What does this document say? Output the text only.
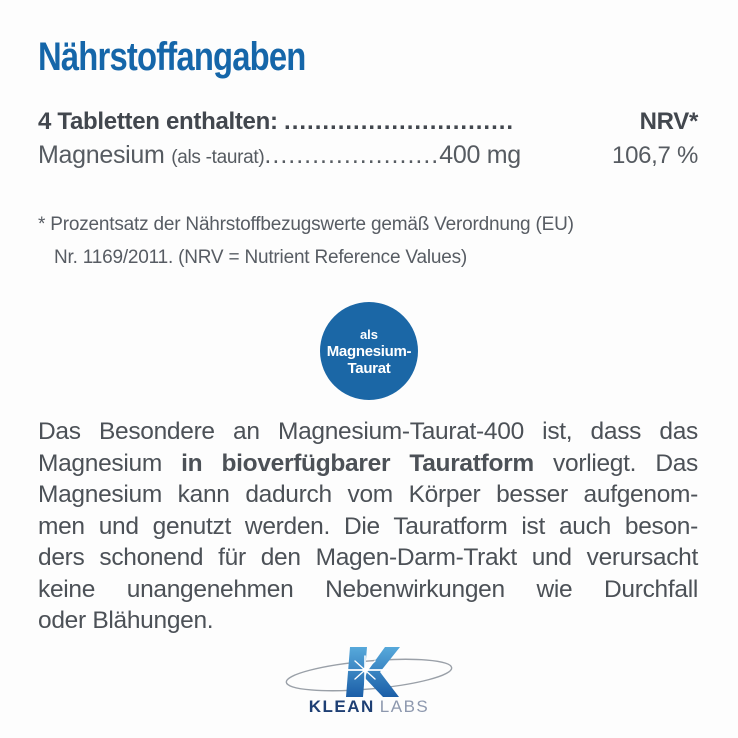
Nährstoffangaben
4 Tabletten enthalten: ..............................	NRV*
Magnesium (als -taurat)......................400 mg	106,7 %
* Prozentsatz der Nährstoffbezugswerte gemäß Verordnung (EU)
Nr. 1169/2011. (NRV = Nutrient Reference Values)
als
Magnesium-
Taurat
Das Besondere an Magnesium-Taurat-400 ist, dass das
Magnesium in bioverfügbarer Tauratform vorliegt. Das
Magnesium kann dadurch vom Körper besser aufgenom-
men und genutzt werden. Die Tauratform ist auch beson-
ders schonend für den Magen-Darm-Trakt und verursacht
keine unangenehmen Nebenwirkungen wie Durchfall
oder Blähungen.
KLEAN LABS
